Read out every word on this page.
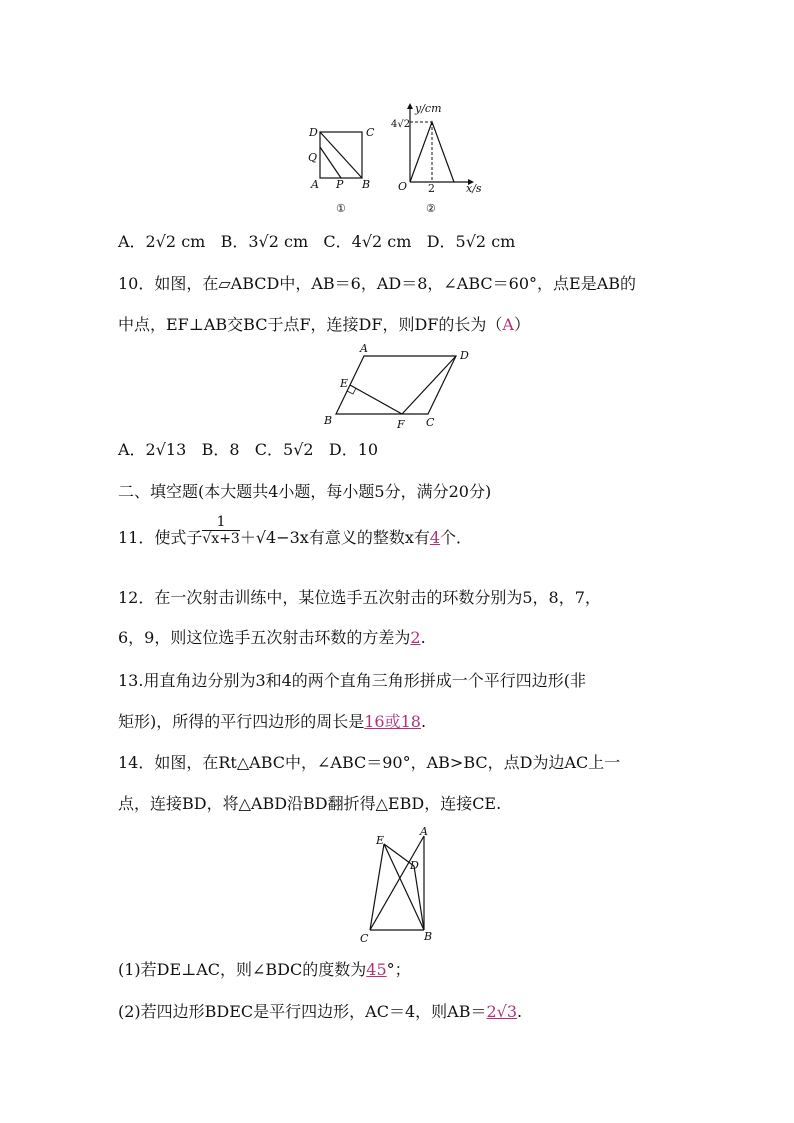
D	C
Q
A P B
①
y/cm
4√2
O 2	x/s
②
A．2√2 cm B．3√2 cm C．4√2 cm D．5√2 cm
10．如图，在▱ABCD中，AB＝6，AD＝8，∠ABC＝60°，点E是AB的
中点，EF⊥AB交BC于点F，连接DF，则DF的长为（A）
A
D
E
B	F C
A．2√13 B．8 C．5√2 D．10
二、填空题(本大题共4小题，每小题5分，满分20分)
11．使式子 $\frac{1}{√x+3} +√4-3x$有意义的整数x有4个．
12．在一次射击训练中，某位选手五次射击的环数分别为5，8，7，
6，9，则这位选手五次射击环数的方差为2.
13.用直角边分别为3和4的两个直角三角形拼成一个平行四边形(非
矩形)，所得的平行四边形的周长是16或18.
14．如图，在Rt△ABC中，∠ABC＝90°，AB>BC，点D为边AC上一
点，连接BD，将△ABD沿BD翻折得△EBD，连接CE.
E
A
D
C	B
(1)若DE⊥AC，则∠BDC的度数为45°；
(2)若四边形BDEC是平行四边形，AC＝4，则AB＝2√3.
